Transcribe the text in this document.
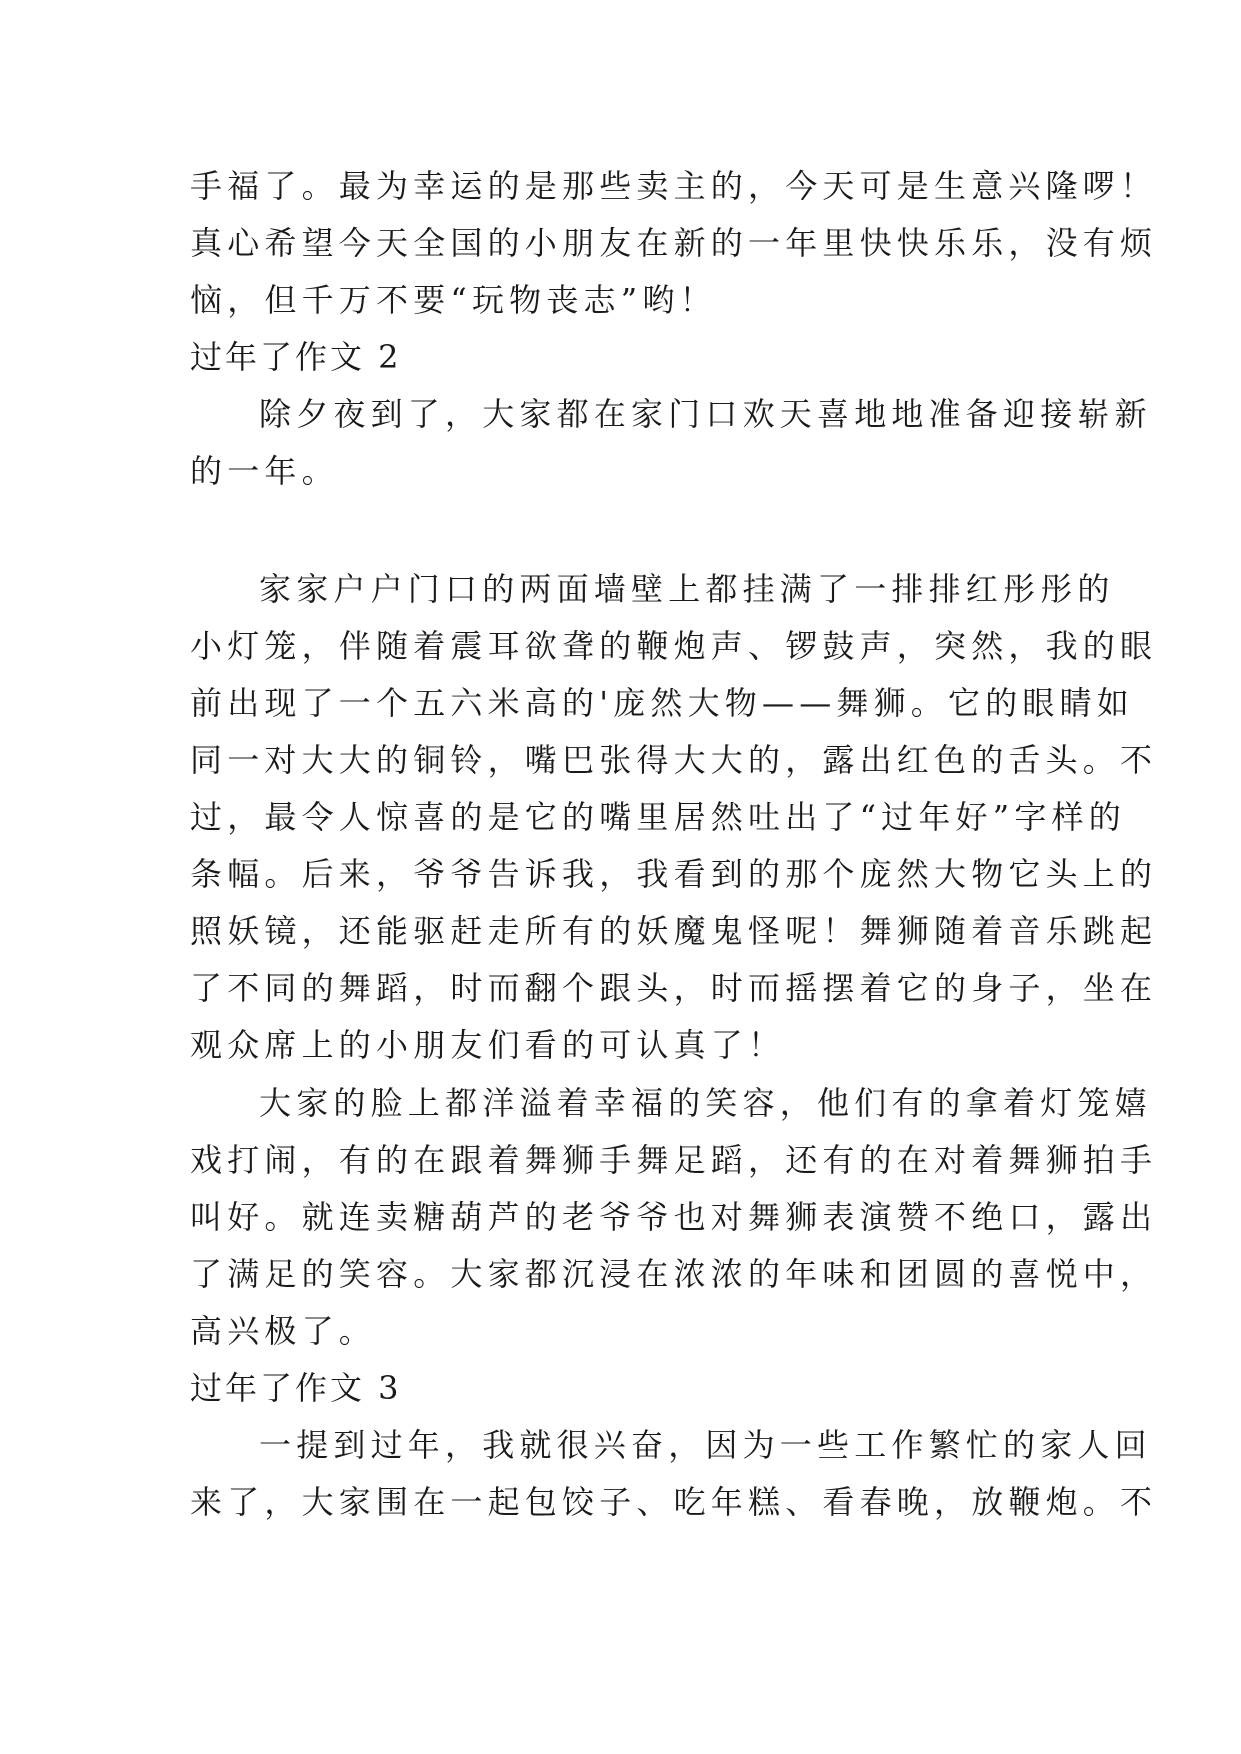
手福了。最为幸运的是那些卖主的，今天可是生意兴隆啰！
真心希望今天全国的小朋友在新的一年里快快乐乐，没有烦
恼，但千万不要“玩物丧志”哟！
过年了作文 2
除夕夜到了，大家都在家门口欢天喜地地准备迎接崭新
的一年。
家家户户门口的两面墙壁上都挂满了一排排红彤彤的
小灯笼，伴随着震耳欲聋的鞭炮声、锣鼓声，突然，我的眼
前出现了一个五六米高的'庞然大物——舞狮。它的眼睛如
同一对大大的铜铃，嘴巴张得大大的，露出红色的舌头。不
过，最令人惊喜的是它的嘴里居然吐出了“过年好”字样的
条幅。后来，爷爷告诉我，我看到的那个庞然大物它头上的
照妖镜，还能驱赶走所有的妖魔鬼怪呢！舞狮随着音乐跳起
了不同的舞蹈，时而翻个跟头，时而摇摆着它的身子，坐在
观众席上的小朋友们看的可认真了！
大家的脸上都洋溢着幸福的笑容，他们有的拿着灯笼嬉
戏打闹，有的在跟着舞狮手舞足蹈，还有的在对着舞狮拍手
叫好。就连卖糖葫芦的老爷爷也对舞狮表演赞不绝口，露出
了满足的笑容。大家都沉浸在浓浓的年味和团圆的喜悦中，
高兴极了。
过年了作文 3
一提到过年，我就很兴奋，因为一些工作繁忙的家人回
来了，大家围在一起包饺子、吃年糕、看春晚，放鞭炮。不
